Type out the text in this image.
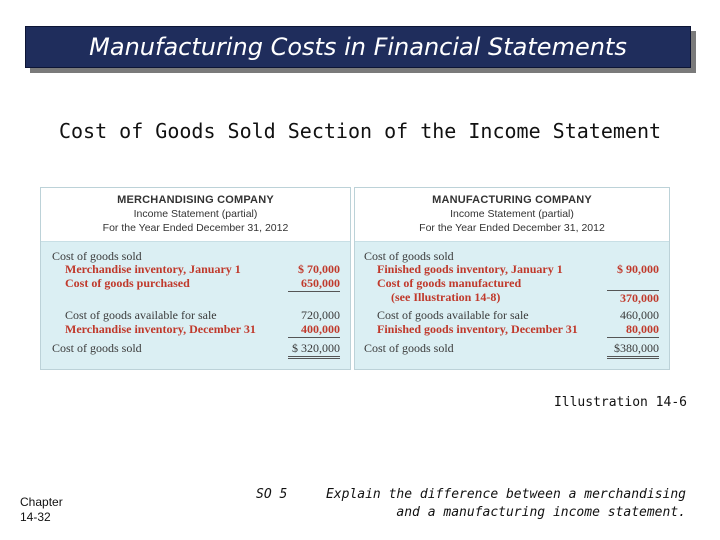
Manufacturing Costs in Financial Statements
Cost of Goods Sold Section of the Income Statement
MERCHANDISING COMPANY
Income Statement (partial)
For the Year Ended December 31, 2012
Cost of goods sold
Merchandise inventory, January 1	$ 70,000
Cost of goods purchased	650,000
Cost of goods available for sale	720,000
Merchandise inventory, December 31	400,000
Cost of goods sold	$ 320,000
MANUFACTURING COMPANY
Income Statement (partial)
For the Year Ended December 31, 2012
Cost of goods sold
Finished goods inventory, January 1	$ 90,000
Cost of goods manufactured
(see Illustration 14-8)	370,000
Cost of goods available for sale	460,000
Finished goods inventory, December 31	80,000
Cost of goods sold	$380,000
Illustration 14-6
Chapter
14-32
SO 5	Explain the difference between a merchandising
and a manufacturing income statement.
